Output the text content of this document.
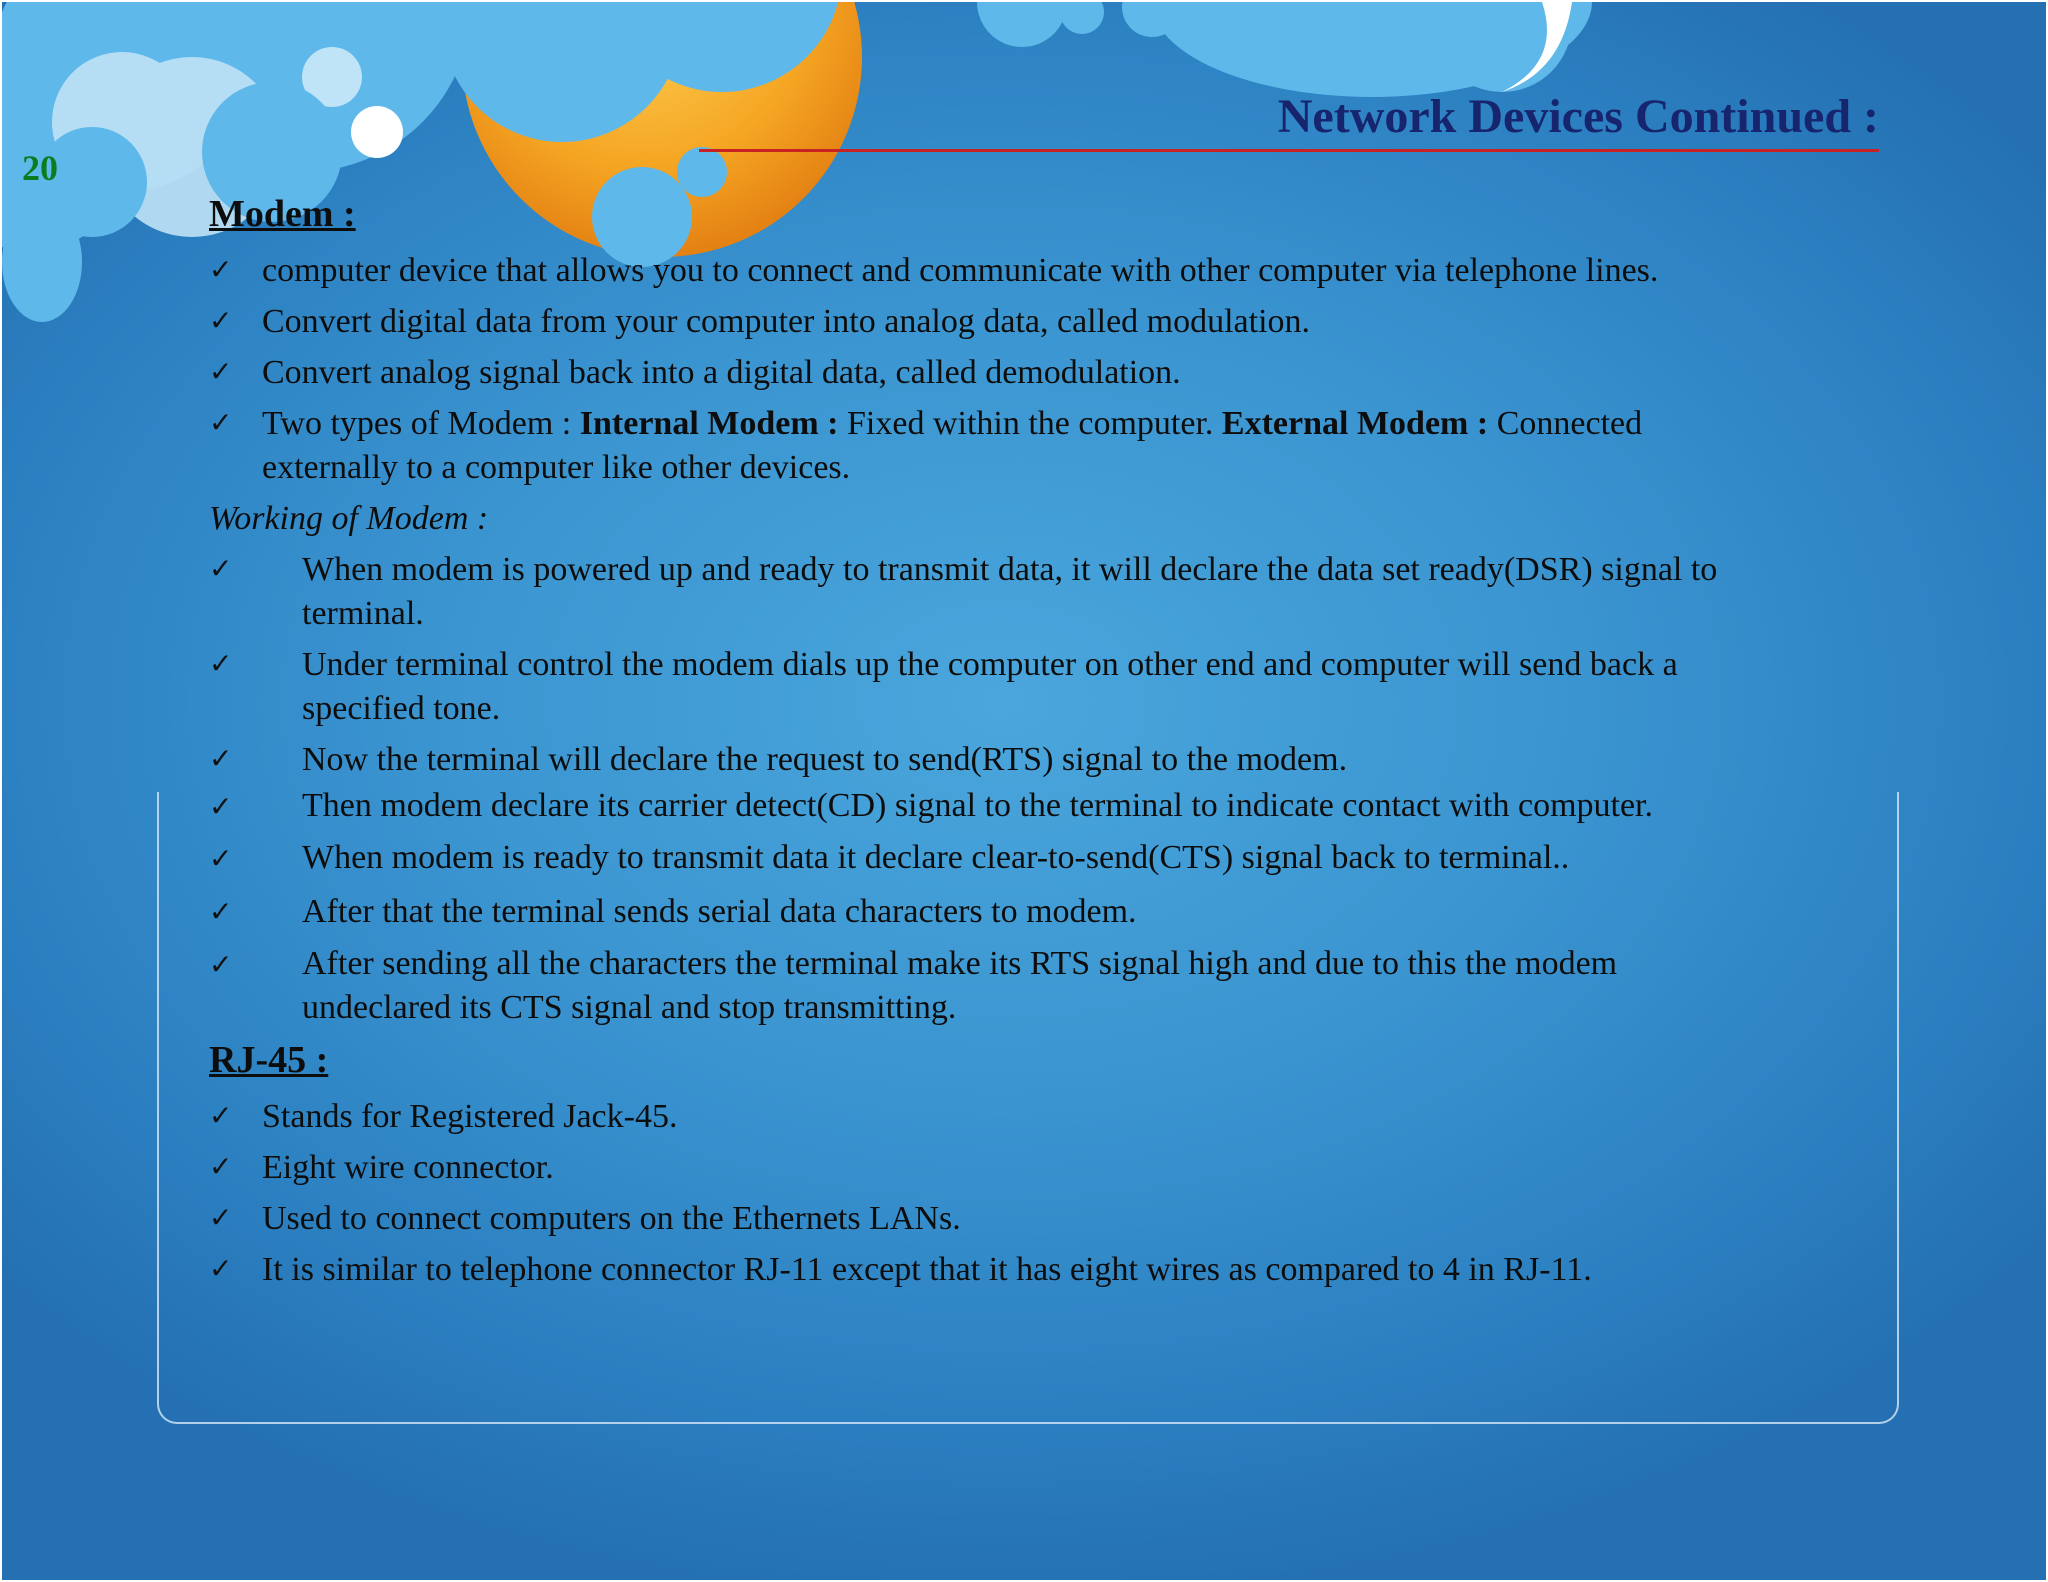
20
Network Devices Continued :
Modem :
✓ computer device that allows you to connect and communicate with other computer via telephone lines.
✓ Convert digital data from your computer into analog data, called modulation.
✓ Convert analog signal back into a digital data, called demodulation.
✓ Two types of Modem : Internal Modem : Fixed within the computer. External Modem : Connected
externally to a computer like other devices.
Working of Modem :
✓ When modem is powered up and ready to transmit data, it will declare the data set ready(DSR) signal to
terminal.
✓ Under terminal control the modem dials up the computer on other end and computer will send back a
specified tone.
✓ Now the terminal will declare the request to send(RTS) signal to the modem.
✓ Then modem declare its carrier detect(CD) signal to the terminal to indicate contact with computer.
✓ When modem is ready to transmit data it declare clear-to-send(CTS) signal back to terminal..
✓ After that the terminal sends serial data characters to modem.
✓ After sending all the characters the terminal make its RTS signal high and due to this the modem
undeclared its CTS signal and stop transmitting.
RJ-45 :
✓ Stands for Registered Jack-45.
✓ Eight wire connector.
✓ Used to connect computers on the Ethernets LANs.
✓ It is similar to telephone connector RJ-11 except that it has eight wires as compared to 4 in RJ-11.
